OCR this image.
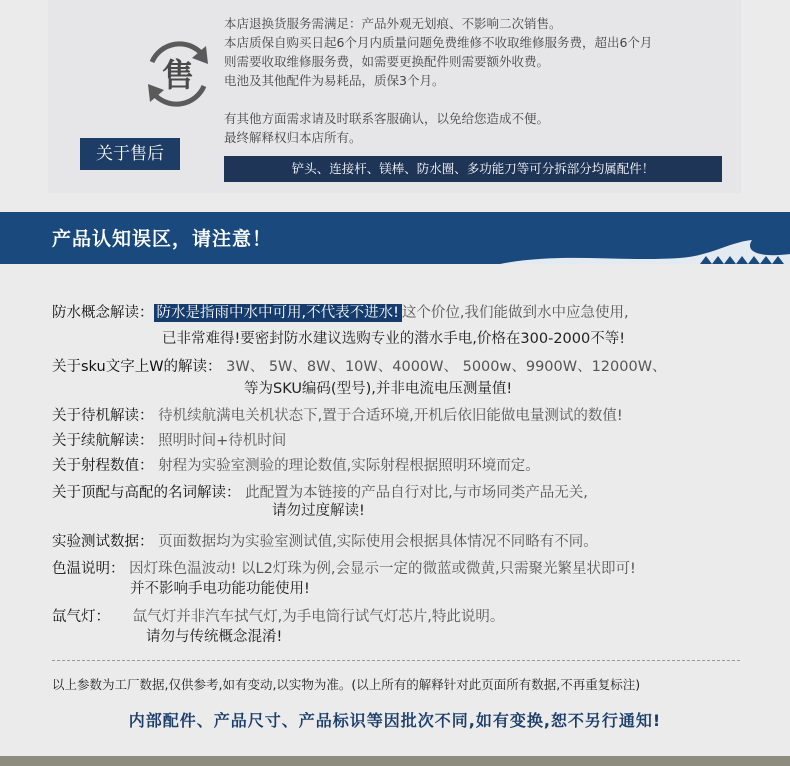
售
关于售后

本店退换货服务需满足：产品外观无划痕、不影响二次销售。

本店质保自购买日起6个月内质量问题免费维修不收取维修服务费，超出6个月

则需要收取维修服务费，如需要更换配件则需要额外收费。

电池及其他配件为易耗品，质保3个月。

有其他方面需求请及时联系客服确认，以免给您造成不便。

最终解释权归本店所有。

铲头、连接杆、镁棒、防水圈、多功能刀等可分拆部分均属配件！
产品认知误区，请注意！
防水概念解读： 防水是指雨中水中可用,不代表不进水! 这个价位,我们能做到水中应急使用,
已非常难得!要密封防水建议选购专业的潜水手电,价格在300-2000不等!
关于sku文字上W的解读： 3W、 5W、8W、10W、4000W、 5000w、9900W、12000W、
等为SKU编码(型号),并非电流电压测量值!
关于待机解读： 待机续航满电关机状态下,置于合适环境,开机后依旧能做电量测试的数值!
关于续航解读： 照明时间+待机时间
关于射程数值： 射程为实验室测验的理论数值,实际射程根据照明环境而定。
关于顶配与高配的名词解读： 此配置为本链接的产品自行对比,与市场同类产品无关,
请勿过度解读!
实验测试数据： 页面数据均为实验室测试值,实际使用会根据具体情况不同略有不同。
色温说明： 因灯珠色温波动! 以L2灯珠为例,会显示一定的微蓝或微黄,只需聚光繁星状即可!
并不影响手电功能功能使用!
氙气灯： 氙气灯并非汽车拭气灯,为手电筒行试气灯芯片,特此说明。
请勿与传统概念混淆!
以上参数为工厂数据,仅供参考,如有变动,以实物为准。(以上所有的解释针对此页面所有数据,不再重复标注)
内部配件、产品尺寸、产品标识等因批次不同,如有变换,恕不另行通知!
